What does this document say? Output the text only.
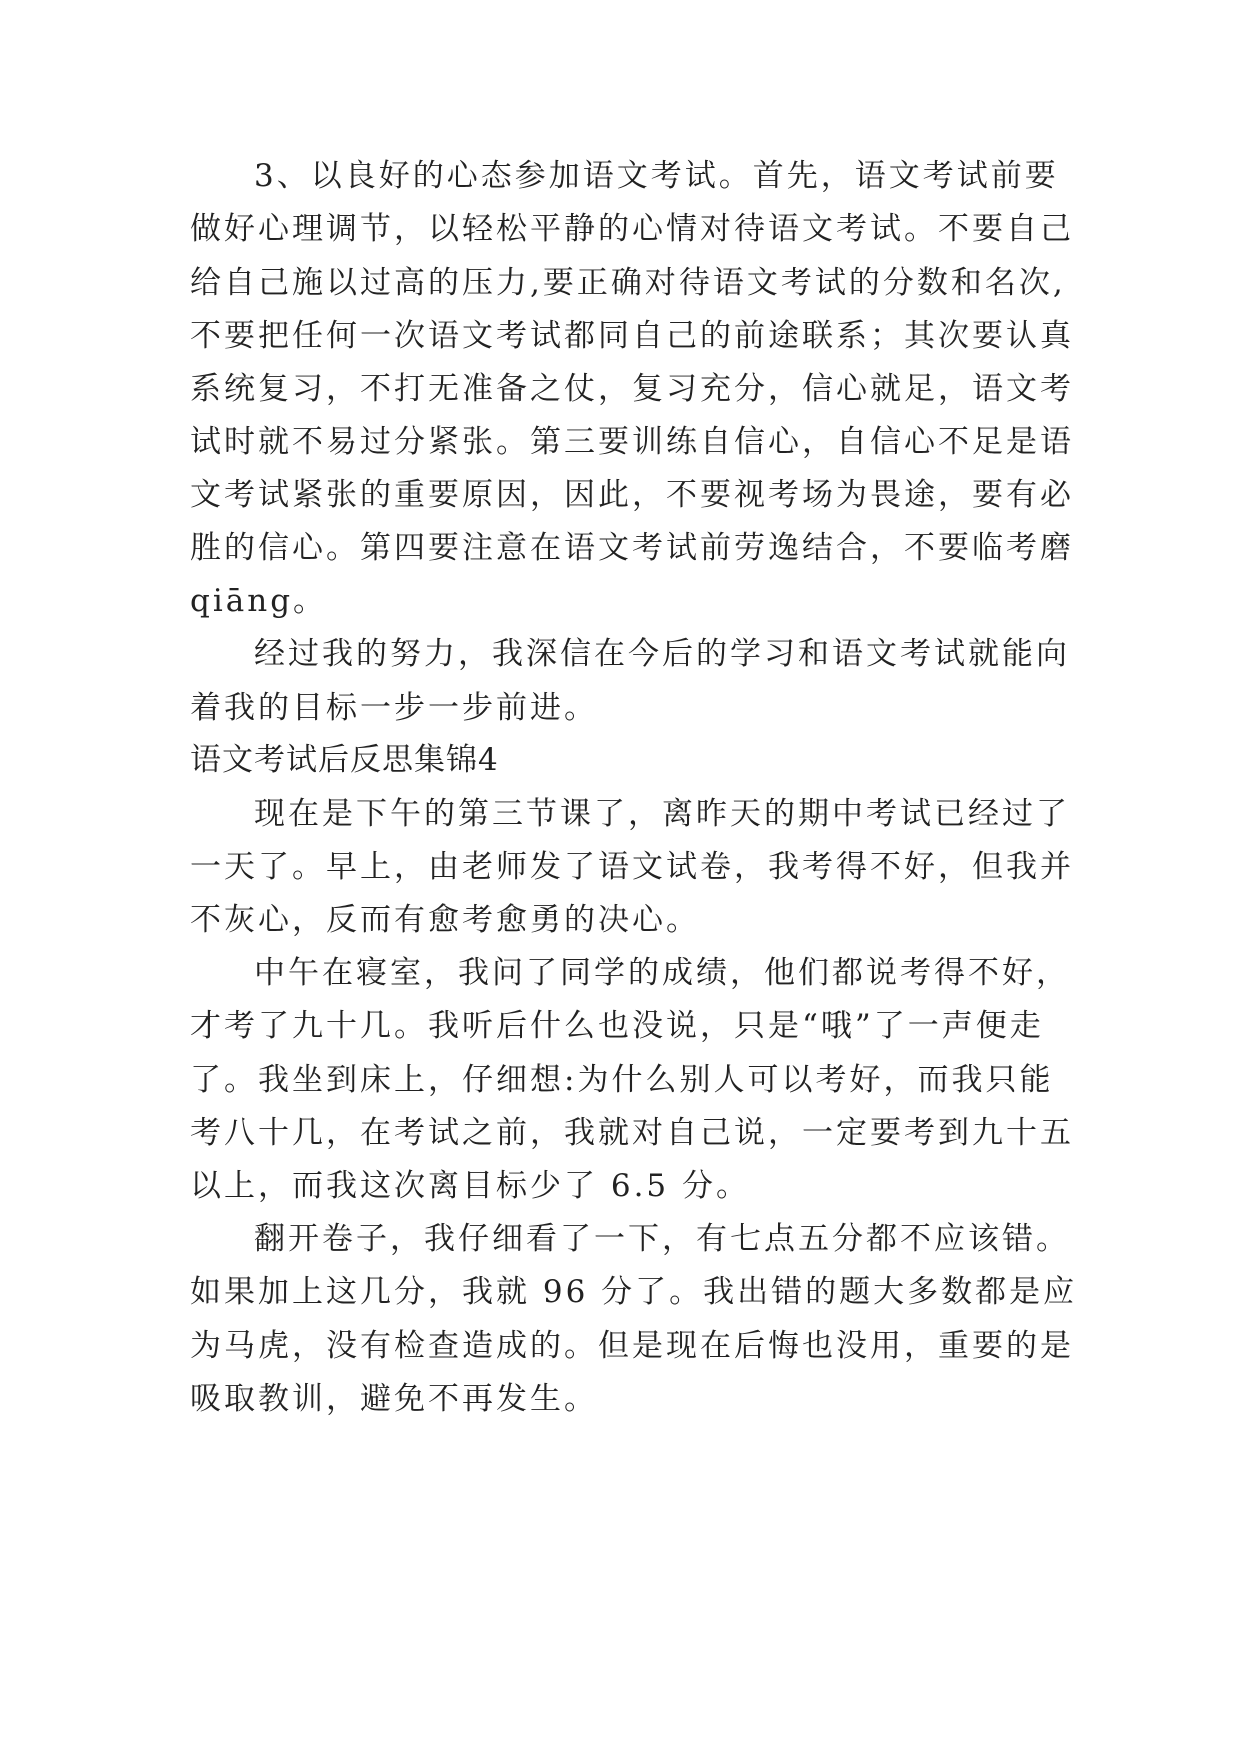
3、以良好的心态参加语文考试。首先，语文考试前要
做好心理调节，以轻松平静的心情对待语文考试。不要自己
给自己施以过高的压力,要正确对待语文考试的分数和名次,
不要把任何一次语文考试都同自己的前途联系；其次要认真
系统复习，不打无准备之仗，复习充分，信心就足，语文考
试时就不易过分紧张。第三要训练自信心，自信心不足是语
文考试紧张的重要原因，因此，不要视考场为畏途，要有必
胜的信心。第四要注意在语文考试前劳逸结合，不要临考磨
qiāng。
经过我的努力，我深信在今后的学习和语文考试就能向
着我的目标一步一步前进。
语文考试后反思集锦4
现在是下午的第三节课了，离昨天的期中考试已经过了
一天了。早上，由老师发了语文试卷，我考得不好，但我并
不灰心，反而有愈考愈勇的决心。
中午在寝室，我问了同学的成绩，他们都说考得不好，
才考了九十几。我听后什么也没说，只是“哦”了一声便走
了。我坐到床上，仔细想:为什么别人可以考好，而我只能
考八十几，在考试之前，我就对自己说，一定要考到九十五
以上，而我这次离目标少了 6.5 分。
翻开卷子，我仔细看了一下，有七点五分都不应该错。
如果加上这几分，我就 96 分了。我出错的题大多数都是应
为马虎，没有检查造成的。但是现在后悔也没用，重要的是
吸取教训，避免不再发生。
